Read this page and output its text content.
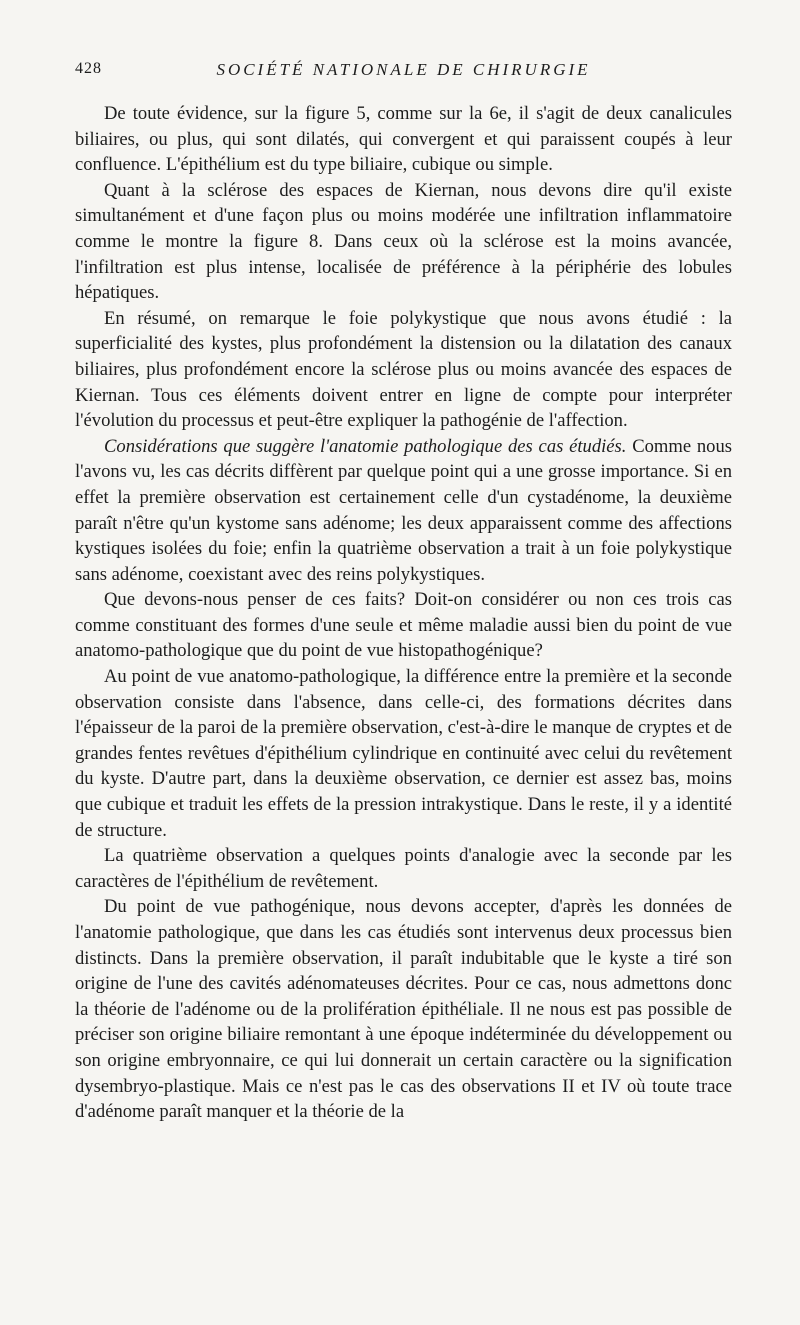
428	SOCIÉTÉ NATIONALE DE CHIRURGIE

De toute évidence, sur la figure 5, comme sur la 6e, il s'agit de deux canalicules biliaires, ou plus, qui sont dilatés, qui convergent et qui paraissent coupés à leur confluence. L'épithélium est du type biliaire, cubique ou simple.

Quant à la sclérose des espaces de Kiernan, nous devons dire qu'il existe simultanément et d'une façon plus ou moins modérée une infiltration inflammatoire comme le montre la figure 8. Dans ceux où la sclérose est la moins avancée, l'infiltration est plus intense, localisée de préférence à la périphérie des lobules hépatiques.

En résumé, on remarque le foie polykystique que nous avons étudié : la superficialité des kystes, plus profondément la distension ou la dilatation des canaux biliaires, plus profondément encore la sclérose plus ou moins avancée des espaces de Kiernan. Tous ces éléments doivent entrer en ligne de compte pour interpréter l'évolution du processus et peut-être expliquer la pathogénie de l'affection.

Considérations que suggère l'anatomie pathologique des cas étudiés. Comme nous l'avons vu, les cas décrits diffèrent par quelque point qui a une grosse importance. Si en effet la première observation est certainement celle d'un cystadénome, la deuxième paraît n'être qu'un kystome sans adénome; les deux apparaissent comme des affections kystiques isolées du foie; enfin la quatrième observation a trait à un foie polykystique sans adénome, coexistant avec des reins polykystiques.

Que devons-nous penser de ces faits? Doit-on considérer ou non ces trois cas comme constituant des formes d'une seule et même maladie aussi bien du point de vue anatomo-pathologique que du point de vue histopathogénique?

Au point de vue anatomo-pathologique, la différence entre la première et la seconde observation consiste dans l'absence, dans celle-ci, des formations décrites dans l'épaisseur de la paroi de la première observation, c'est-à-dire le manque de cryptes et de grandes fentes revêtues d'épithélium cylindrique en continuité avec celui du revêtement du kyste. D'autre part, dans la deuxième observation, ce dernier est assez bas, moins que cubique et traduit les effets de la pression intrakystique. Dans le reste, il y a identité de structure.

La quatrième observation a quelques points d'analogie avec la seconde par les caractères de l'épithélium de revêtement.

Du point de vue pathogénique, nous devons accepter, d'après les données de l'anatomie pathologique, que dans les cas étudiés sont intervenus deux processus bien distincts. Dans la première observation, il paraît indubitable que le kyste a tiré son origine de l'une des cavités adénomateuses décrites. Pour ce cas, nous admettons donc la théorie de l'adénome ou de la prolifération épithéliale. Il ne nous est pas possible de préciser son origine biliaire remontant à une époque indéterminée du développement ou son origine embryonnaire, ce qui lui donnerait un certain caractère ou la signification dysembryo-plastique. Mais ce n'est pas le cas des observations II et IV où toute trace d'adénome paraît manquer et la théorie de la
